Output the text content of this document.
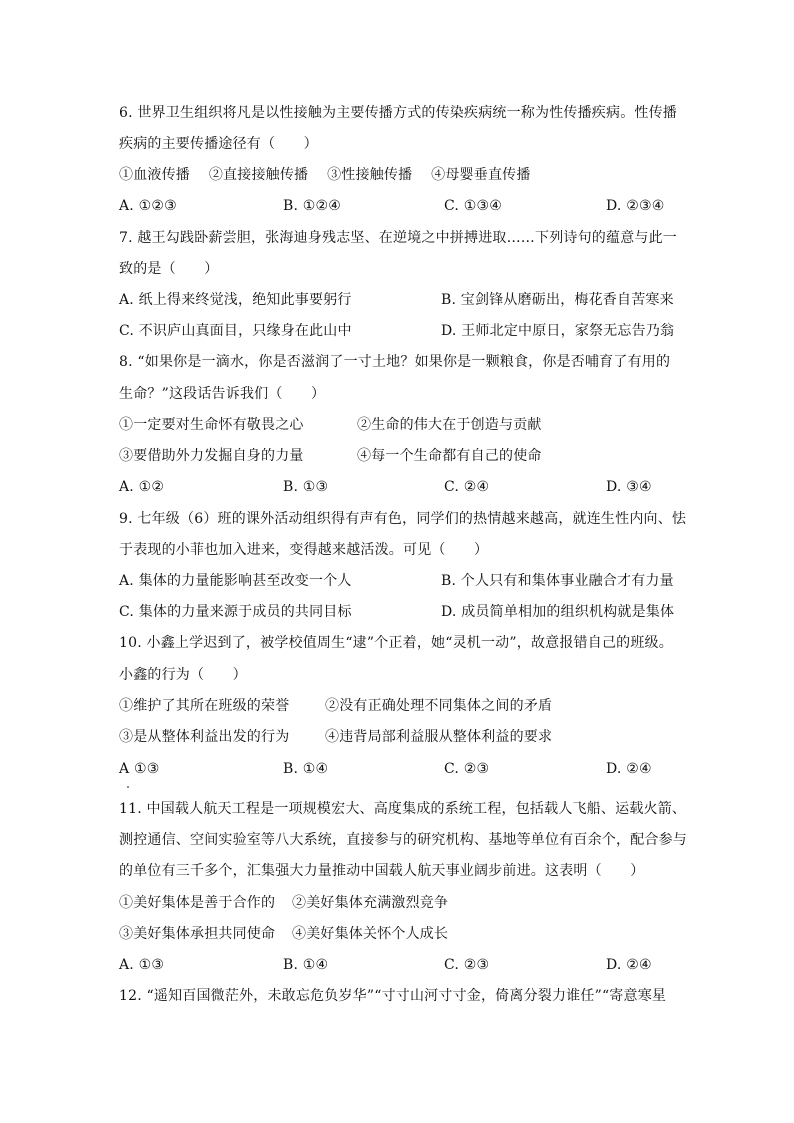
6. 世界卫生组织将凡是以性接触为主要传播方式的传染疾病统一称为性传播疾病。性传播
疾病的主要传播途径有（　　）
①血液传播　 ②直接接触传播　 ③性接触传播　 ④母婴垂直传播
A. ①②③	B. ①②④	C. ①③④	D. ②③④
7. 越王勾践卧薪尝胆，张海迪身残志坚、在逆境之中拼搏进取……下列诗句的蕴意与此一
致的是（　　）
A. 纸上得来终觉浅，绝知此事要躬行	B. 宝剑锋从磨砺出，梅花香自苦寒来
C. 不识庐山真面目，只缘身在此山中	D. 王师北定中原日，家祭无忘告乃翁
8. “如果你是一滴水，你是否滋润了一寸土地？如果你是一颗粮食，你是否哺育了有用的
生命？”这段话告诉我们（　　）
①一定要对生命怀有敬畏之心	②生命的伟大在于创造与贡献
③要借助外力发掘自身的力量	④每一个生命都有自己的使命
A. ①②	B. ①③	C. ②④	D. ③④
9. 七年级（6）班的课外活动组织得有声有色，同学们的热情越来越高，就连生性内向、怯
于表现的小菲也加入进来，变得越来越活泼。可见（　　）
A. 集体的力量能影响甚至改变一个人	B. 个人只有和集体事业融合才有力量
C. 集体的力量来源于成员的共同目标	D. 成员简单相加的组织机构就是集体
10. 小鑫上学迟到了，被学校值周生“逮”个正着，她“灵机一动”，故意报错自己的班级。
小鑫的行为（　　）
①维护了其所在班级的荣誉	②没有正确处理不同集体之间的矛盾
③是从整体利益出发的行为	④违背局部利益服从整体利益的要求
A ①③	B. ①④	C. ②③	D. ②④
11. 中国载人航天工程是一项规模宏大、高度集成的系统工程，包括载人飞船、运载火箭、
测控通信、空间实验室等八大系统，直接参与的研究机构、基地等单位有百余个，配合参与
的单位有三千多个，汇集强大力量推动中国载人航天事业阔步前进。这表明（　　）
①美好集体是善于合作的 ②美好集体充满激烈竞争
③美好集体承担共同使命 ④美好集体关怀个人成长
A. ①③	B. ①④	C. ②③	D. ②④
12. “遥知百国微茫外，未敢忘危负岁华”“寸寸山河寸寸金，倚离分裂力谁任”“寄意寒星
